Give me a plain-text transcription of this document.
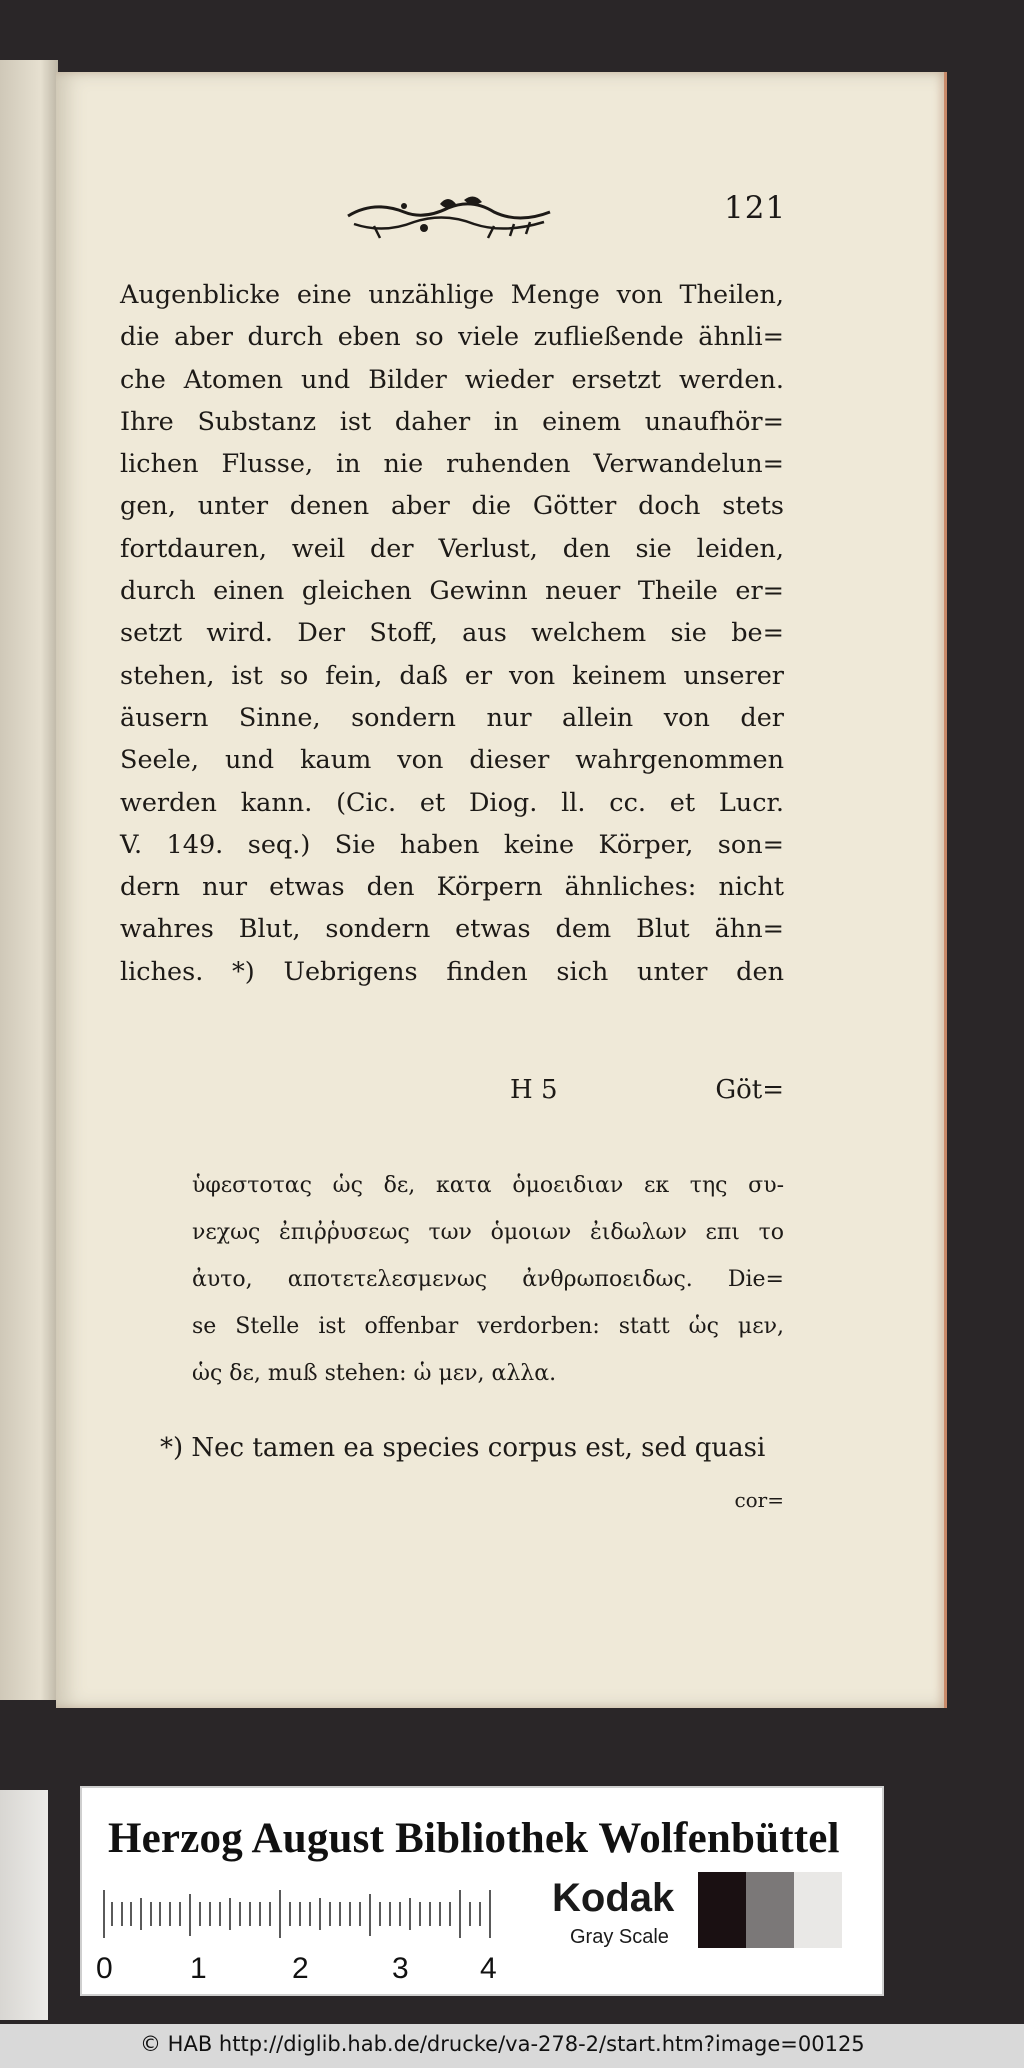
121
Augenblicke eine unzählige Menge von Theilen,
die aber durch eben so viele zufließende ähnli=
che Atomen und Bilder wieder ersetzt werden.
Ihre Substanz ist daher in einem unaufhör=
lichen Flusse, in nie ruhenden Verwandelun=
gen, unter denen aber die Götter doch stets
fortdauren, weil der Verlust, den sie leiden,
durch einen gleichen Gewinn neuer Theile er=
setzt wird. Der Stoff, aus welchem sie be=
stehen, ist so fein, daß er von keinem unserer
äusern Sinne, sondern nur allein von der
Seele, und kaum von dieser wahrgenommen
werden kann. (Cic. et Diog. ll. cc. et Lucr.
V. 149. seq.) Sie haben keine Körper, son=
dern nur etwas den Körpern ähnliches: nicht
wahres Blut, sondern etwas dem Blut ähn=
liches. *) Uebrigens finden sich unter den
H 5	Göt=
ὑφεστοτας ὡς δε, κατα ὁμοειδιαν εκ της συ-
νεχως ἐπιῤῥυσεως των ὁμοιων ἐιδωλων επι το
ἀυτο, αποτετελεσμενως ἀνθρωποειδως. Die=
se Stelle ist offenbar verdorben: statt ὡς μεν,
ὡς δε, muß stehen: ὡ μεν, αλλα.
*) Nec tamen ea species corpus est, sed quasi
cor=
Herzog August Bibliothek Wolfenbüttel
0	1	2	3 4
Kodak
Gray Scale
© HAB http://diglib.hab.de/drucke/va-278-2/start.htm?image=00125
